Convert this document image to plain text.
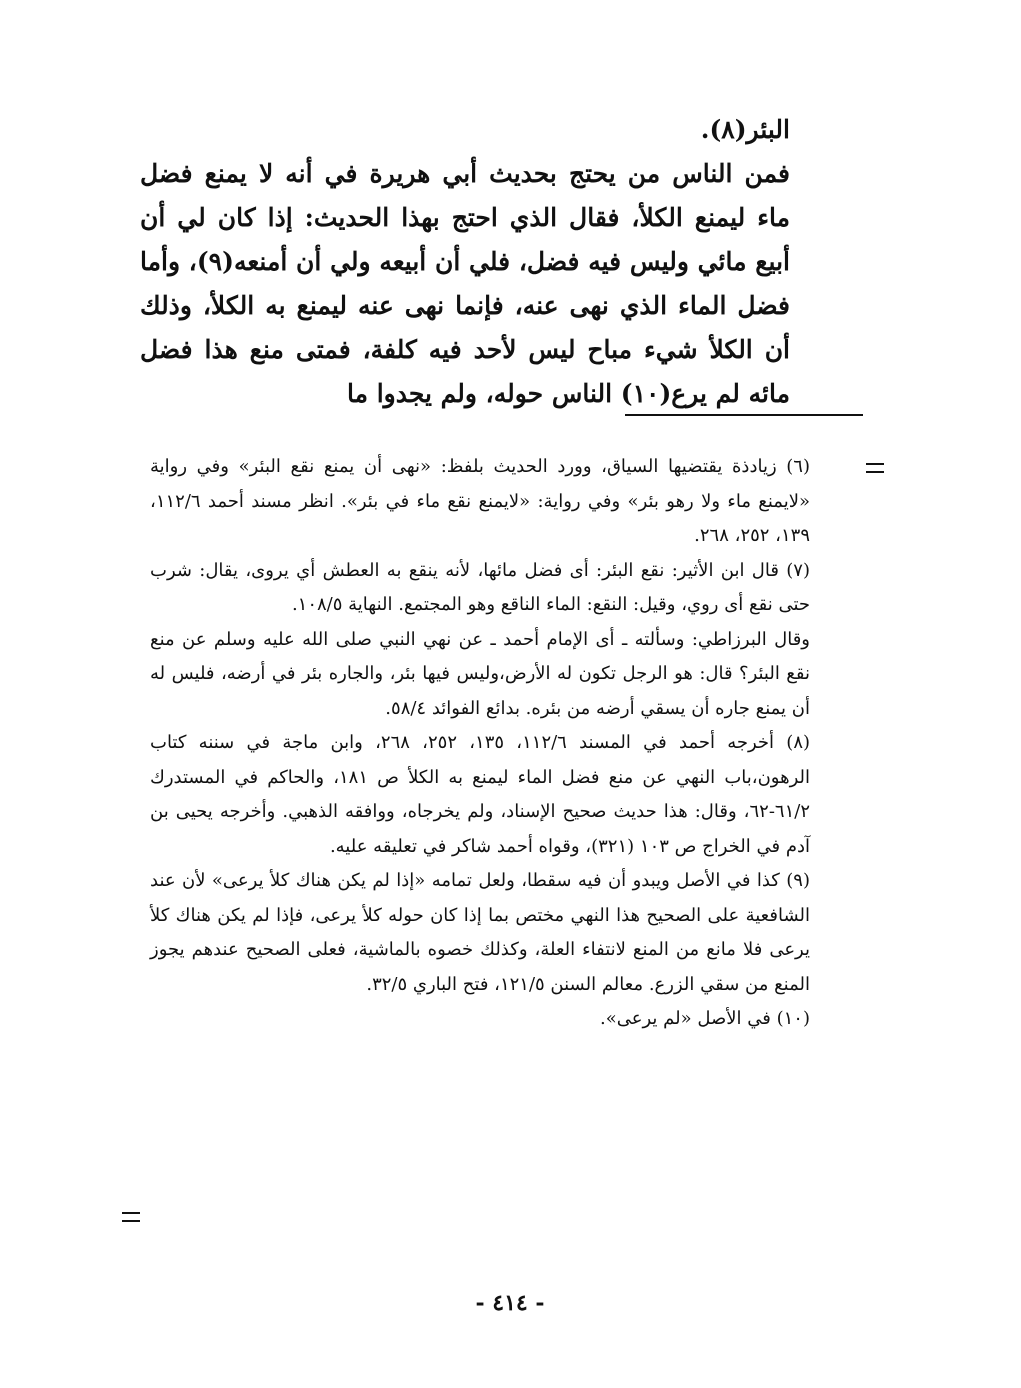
البئر(٨).

فمن الناس من يحتج بحديث أبي هريرة في أنه لا يمنع فضل ماء ليمنع الكلأ، فقال الذي احتج بهذا الحديث: إذا كان لي أن أبيع مائي وليس فيه فضل، فلي أن أبيعه ولي أن أمنعه(٩)، وأما فضل الماء الذي نهى عنه، فإنما نهى عنه ليمنع به الكلأ، وذلك أن الكلأ شيء مباح ليس لأحد فيه كلفة، فمتى منع هذا فضل مائه لم يرع(١٠) الناس حوله، ولم يجدوا ما

(٦) زيادذة يقتضيها السياق، وورد الحديث بلفظ: «نهى أن يمنع نقع البئر» وفي رواية «لايمنع ماء ولا رهو بئر» وفي رواية: «لايمنع نقع ماء في بئر». انظر مسند أحمد ١١٢/٦، ١٣٩، ٢٥٢، ٢٦٨.

(٧) قال ابن الأثير: نقع البئر: أى فضل مائها، لأنه ينقع به العطش أي يروى، يقال: شرب حتى نقع أى روي، وقيل: النقع: الماء الناقع وهو المجتمع. النهاية ١٠٨/٥.

وقال البرزاطي: وسألته ـ أى الإمام أحمد ـ عن نهي النبي صلى الله عليه وسلم عن منع نقع البئر؟ قال: هو الرجل تكون له الأرض،وليس فيها بئر، والجاره بئر في أرضه، فليس له أن يمنع جاره أن يسقي أرضه من بئره. بدائع الفوائد ٥٨/٤.

(٨) أخرجه أحمد في المسند ١١٢/٦، ١٣٥، ٢٥٢، ٢٦٨، وابن ماجة في سننه كتاب الرهون،باب النهي عن منع فضل الماء ليمنع به الكلأ ص ١٨١، والحاكم في المستدرك ٦١/٢-٦٢، وقال: هذا حديث صحيح الإسناد، ولم يخرجاه، ووافقه الذهبي. وأخرجه يحيى بن آدم في الخراج ص ١٠٣ (٣٢١)، وقواه أحمد شاكر في تعليقه عليه.

(٩) كذا في الأصل ويبدو أن فيه سقطا، ولعل تمامه «إذا لم يكن هناك كلأ يرعى» لأن عند الشافعية على الصحيح هذا النهي مختص بما إذا كان حوله كلأ يرعى، فإذا لم يكن هناك كلأ يرعى فلا مانع من المنع لانتفاء العلة، وكذلك خصوه بالماشية، فعلى الصحيح عندهم يجوز المنع من سقي الزرع. معالم السنن ١٢١/٥، فتح الباري ٣٢/٥.

(١٠) في الأصل «لم يرعى».

- ٤١٤ -
